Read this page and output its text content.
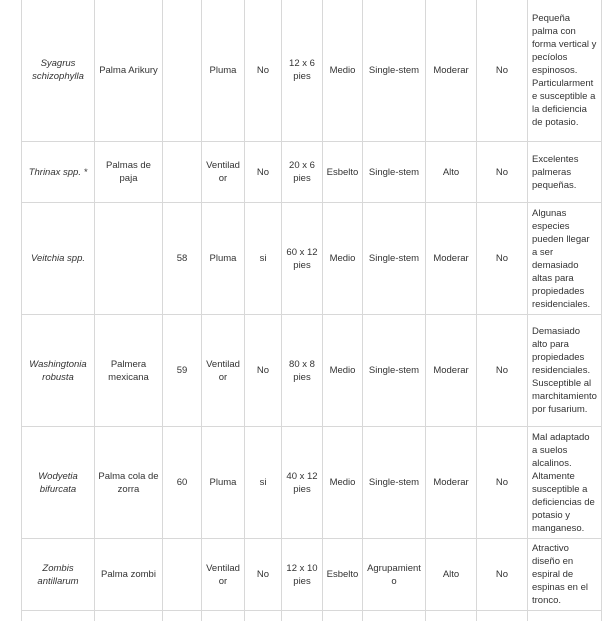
Syagrus schizophylla	Palma Arikury		Pluma	No	12 x 6 pies	Medio	Single-stem	Moderar	No	Pequeña palma con forma vertical y pecíolos espinosos. Particularmente susceptible a la deficiencia de potasio.
Thrinax spp. *	Palmas de paja		Ventilador	No	20 x 6 pies	Esbelto	Single-stem	Alto	No	Excelentes palmeras pequeñas.
Veitchia spp.		58	Pluma	si	60 x 12 pies	Medio	Single-stem	Moderar	No	Algunas especies pueden llegar a ser demasiado altas para propiedades residenciales.
Washingtonia robusta	Palmera mexicana	59	Ventilador	No	80 x 8 pies	Medio	Single-stem	Moderar	No	Demasiado alto para propiedades residenciales. Susceptible al marchitamiento por fusarium.
Wodyetia bifurcata	Palma cola de zorra	60	Pluma	si	40 x 12 pies	Medio	Single-stem	Moderar	No	Mal adaptado a suelos alcalinos. Altamente susceptible a deficiencias de potasio y manganeso.
Zombis antillarum	Palma zombi		Ventilador	No	12 x 10 pies	Esbelto	Agrupamiento	Alto	No	Atractivo diseño en espiral de espinas en el tronco.
